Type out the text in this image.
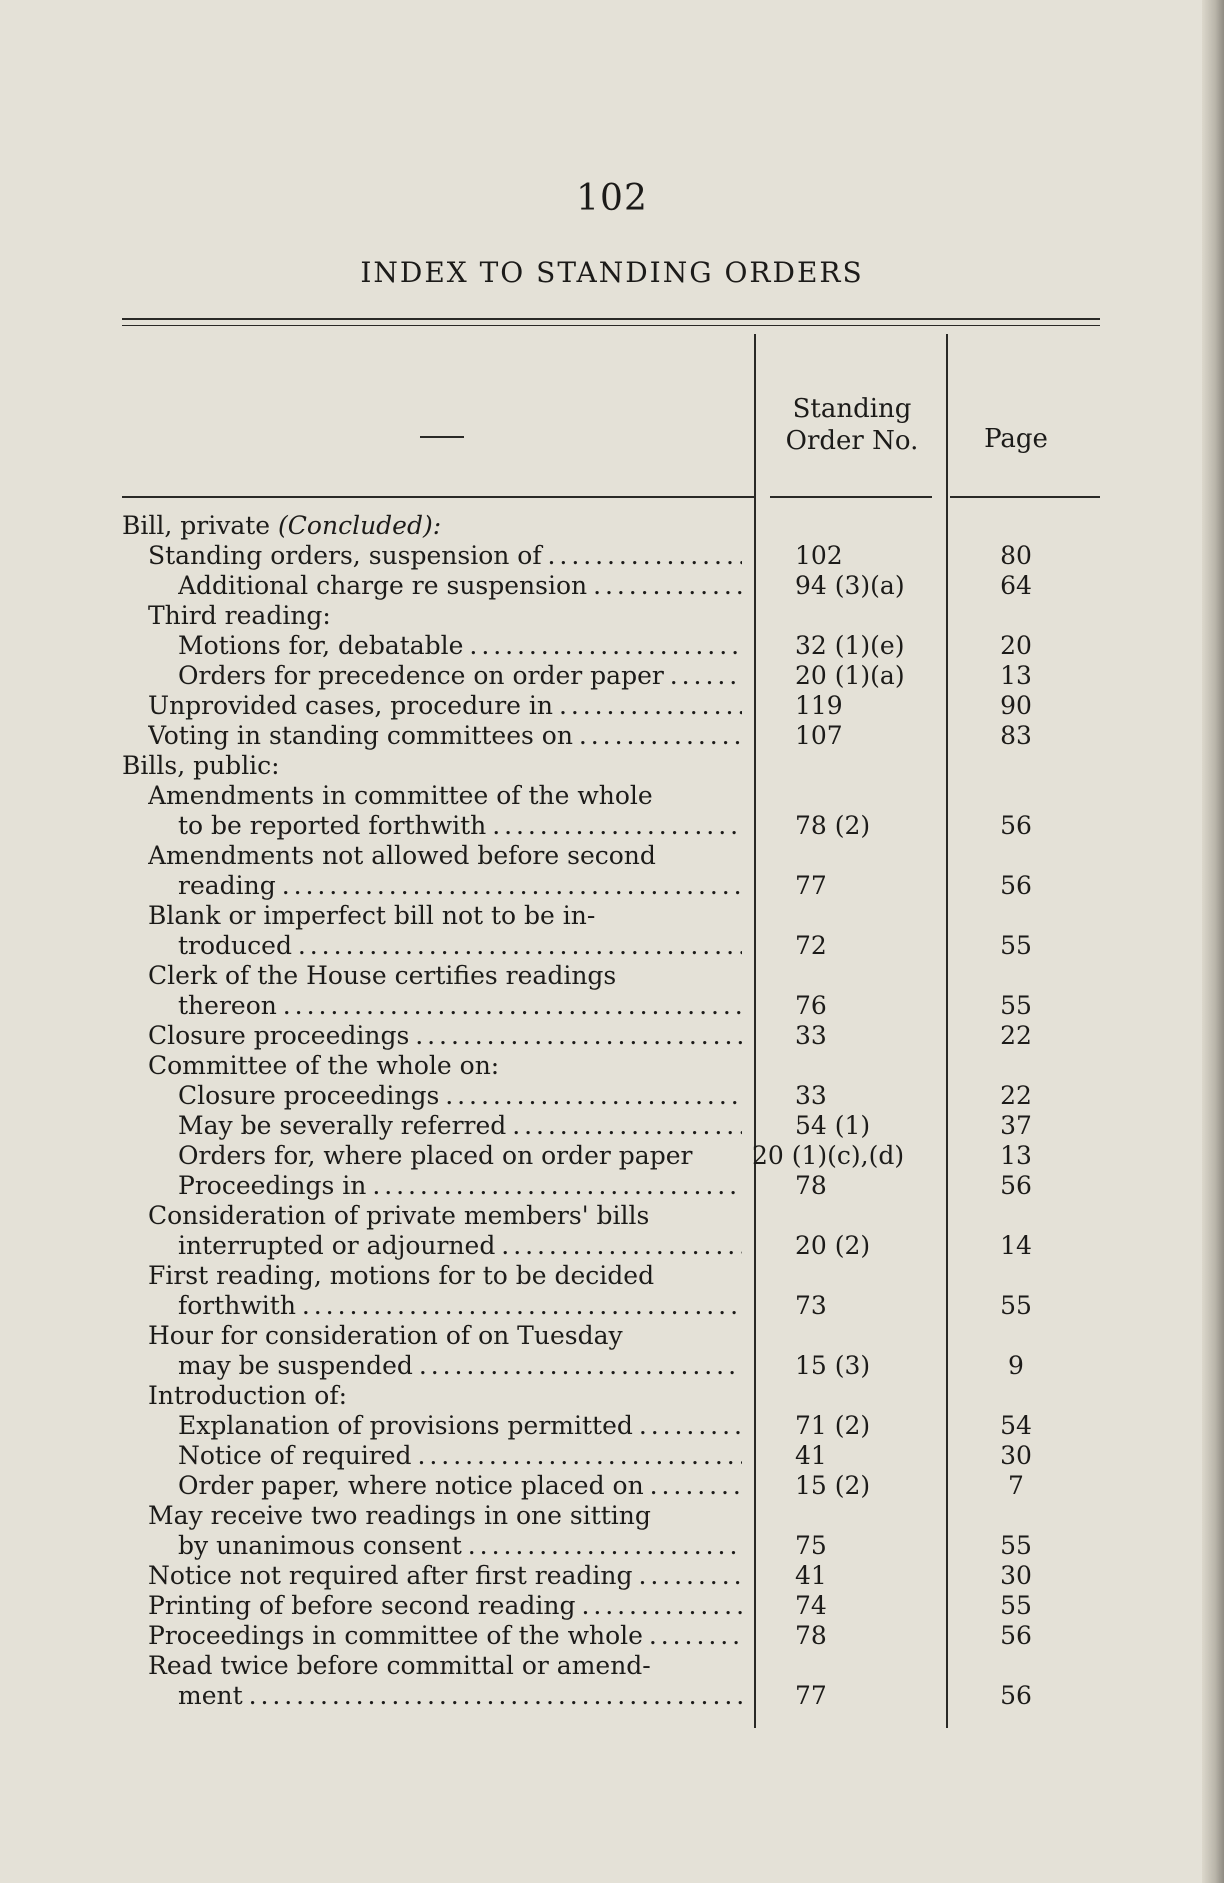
102
INDEX TO STANDING ORDERS
Standing
Order No.	Page
Bill, private (Concluded):
Standing orders, suspension of . . .	102	80
Additional charge re suspension . . .	94 (3)(a)	64
Third reading:
Motions for, debatable . . .	32 (1)(e)	20
Orders for precedence on order paper . . .	20 (1)(a)	13
Unprovided cases, procedure in . . .	119	90
Voting in standing committees on . . .	107	83
Bills, public:
Amendments in committee of the whole
to be reported forthwith . . .	78 (2)	56
Amendments not allowed before second
reading . . .	77	56
Blank or imperfect bill not to be in-
troduced . . .	72	55
Clerk of the House certifies readings
thereon . . .	76	55
Closure proceedings . . .	33	22
Committee of the whole on:
Closure proceedings . . .	33	22
May be severally referred . . .	54 (1)	37
Orders for, where placed on order paper	20 (1)(c),(d)	13
Proceedings in . . .	78	56
Consideration of private members' bills
interrupted or adjourned . . .	20 (2)	14
First reading, motions for to be decided
forthwith . . .	73	55
Hour for consideration of on Tuesday
may be suspended . . .	15 (3)	9
Introduction of:
Explanation of provisions permitted . . .	71 (2)	54
Notice of required . . .	41	30
Order paper, where notice placed on . . .	15 (2)	7
May receive two readings in one sitting
by unanimous consent . . .	75	55
Notice not required after first reading . . .	41	30
Printing of before second reading . . .	74	55
Proceedings in committee of the whole . . .	78	56
Read twice before committal or amend-
ment . . .	77	56
